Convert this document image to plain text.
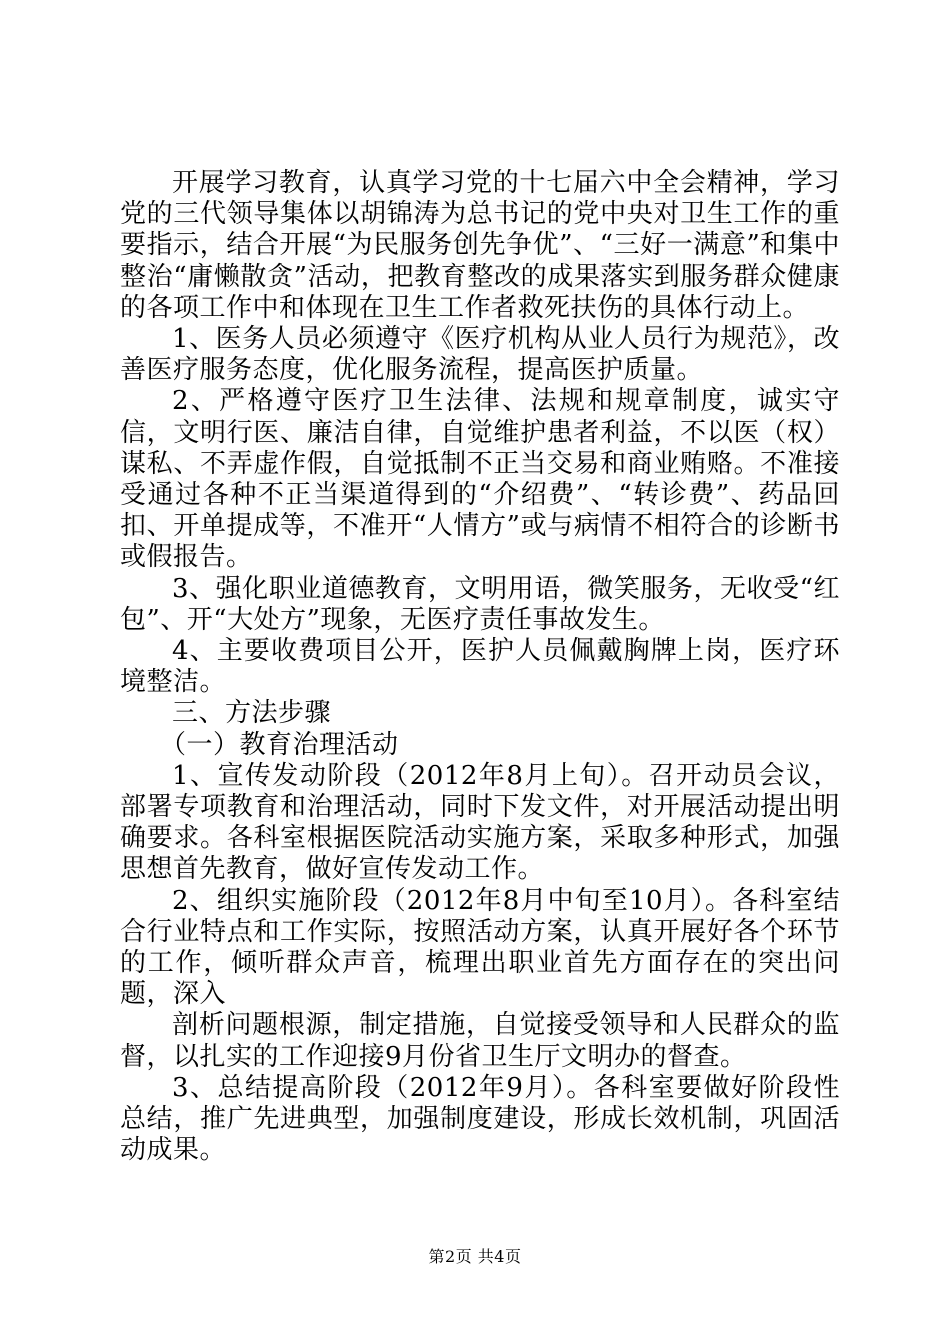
开展学习教育，认真学习党的十七届六中全会精神，学习党的三代领导集体以胡锦涛为总书记的党中央对卫生工作的重要指示，结合开展“为民服务创先争优”、“三好一满意”和集中整治“庸懒散贪”活动，把教育整改的成果落实到服务群众健康的各项工作中和体现在卫生工作者救死扶伤的具体行动上。

1、医务人员必须遵守《医疗机构从业人员行为规范》，改善医疗服务态度，优化服务流程，提高医护质量。

2、严格遵守医疗卫生法律、法规和规章制度，诚实守信，文明行医、廉洁自律，自觉维护患者利益，不以医（权）谋私、不弄虚作假，自觉抵制不正当交易和商业贿赂。不准接受通过各种不正当渠道得到的“介绍费”、“转诊费”、药品回扣、开单提成等，不准开“人情方”或与病情不相符合的诊断书或假报告。

3、强化职业道德教育，文明用语，微笑服务，无收受“红包”、开“大处方”现象，无医疗责任事故发生。

4、主要收费项目公开，医护人员佩戴胸牌上岗，医疗环境整洁。

三、方法步骤

（一）教育治理活动

1、宣传发动阶段（2012年8月上旬）。召开动员会议，部署专项教育和治理活动，同时下发文件，对开展活动提出明确要求。各科室根据医院活动实施方案，采取多种形式，加强思想首先教育，做好宣传发动工作。

2、组织实施阶段（2012年8月中旬至10月）。各科室结合行业特点和工作实际，按照活动方案，认真开展好各个环节的工作，倾听群众声音，梳理出职业首先方面存在的突出问题，深入

剖析问题根源，制定措施，自觉接受领导和人民群众的监督，以扎实的工作迎接9月份省卫生厅文明办的督查。

3、总结提高阶段（2012年9月）。各科室要做好阶段性总结，推广先进典型，加强制度建设，形成长效机制，巩固活动成果。

第2页 共4页
